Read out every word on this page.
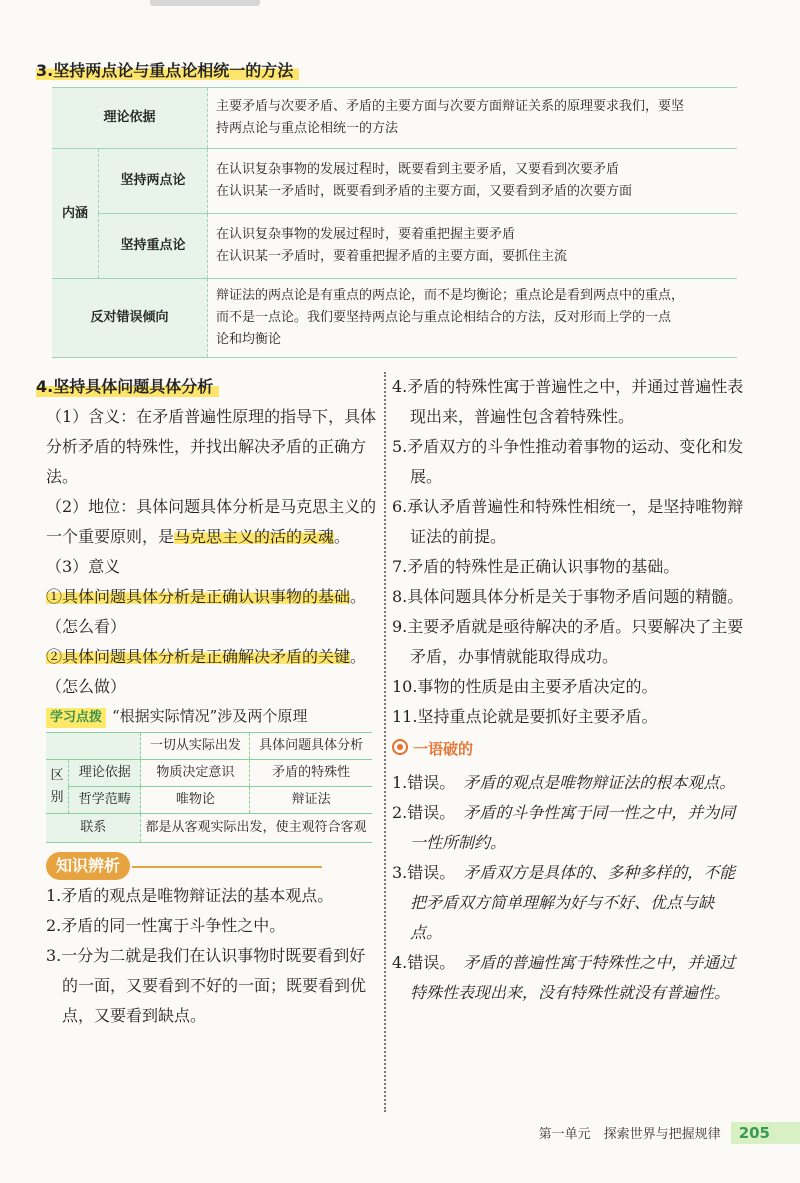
3.坚持两点论与重点论相统一的方法
理论依据		主要矛盾与次要矛盾、矛盾的主要方面与次要方面辩证关系的原理要求我们，要坚
持两点论与重点论相统一的方法

内涵	坚持两点论	在认识复杂事物的发展过程时，既要看到主要矛盾，又要看到次要矛盾
在认识某一矛盾时，既要看到矛盾的主要方面，又要看到矛盾的次要方面

	坚持重点论	在认识复杂事物的发展过程时，要着重把握主要矛盾
在认识某一矛盾时，要着重把握矛盾的主要方面，要抓住主流

反对错误倾向		辩证法的两点论是有重点的两点论，而不是均衡论；重点论是看到两点中的重点，
而不是一点论。我们要坚持两点论与重点论相结合的方法，反对形而上学的一点
论和均衡论
4.坚持具体问题具体分析

（1）含义：在矛盾普遍性原理的指导下，具体分析矛盾的特殊性，并找出解决矛盾的正确方法。

（2）地位：具体问题具体分析是马克思主义的一个重要原则，是马克思主义的活的灵魂。

（3）意义

①具体问题具体分析是正确认识事物的基础。（怎么看）

②具体问题具体分析是正确解决矛盾的关键。（怎么做）

学习点拨 “根据实际情况”涉及两个原理
		一切从实际出发	具体问题具体分析

区
别	理论依据	物质决定意识	矛盾的特殊性
	哲学范畴	唯物论	辩证法
联系		都是从客观实际出发，使主观符合客观	
知识辨析

1.矛盾的观点是唯物辩证法的基本观点。

2.矛盾的同一性寓于斗争性之中。

3.一分为二就是我们在认识事物时既要看到好的一面，又要看到不好的一面；既要看到优点，又要看到缺点。

4.矛盾的特殊性寓于普遍性之中，并通过普遍性表现出来，普遍性包含着特殊性。

5.矛盾双方的斗争性推动着事物的运动、变化和发展。

6.承认矛盾普遍性和特殊性相统一，是坚持唯物辩证法的前提。

7.矛盾的特殊性是正确认识事物的基础。

8.具体问题具体分析是关于事物矛盾问题的精髓。

9.主要矛盾就是亟待解决的矛盾。只要解决了主要矛盾，办事情就能取得成功。

10.事物的性质是由主要矛盾决定的。

11.坚持重点论就是要抓好主要矛盾。

一语破的

1.错误。　 矛盾的观点是唯物辩证法的根本观点。

2.错误。　 矛盾的斗争性寓于同一性之中，并为同一性所制约。

3.错误。　 矛盾双方是具体的、多种多样的，不能把矛盾双方简单理解为好与不好、优点与缺点。

4.错误。　 矛盾的普遍性寓于特殊性之中，并通过特殊性表现出来，没有特殊性就没有普遍性。

第一单元　探索世界与把握规律 205
